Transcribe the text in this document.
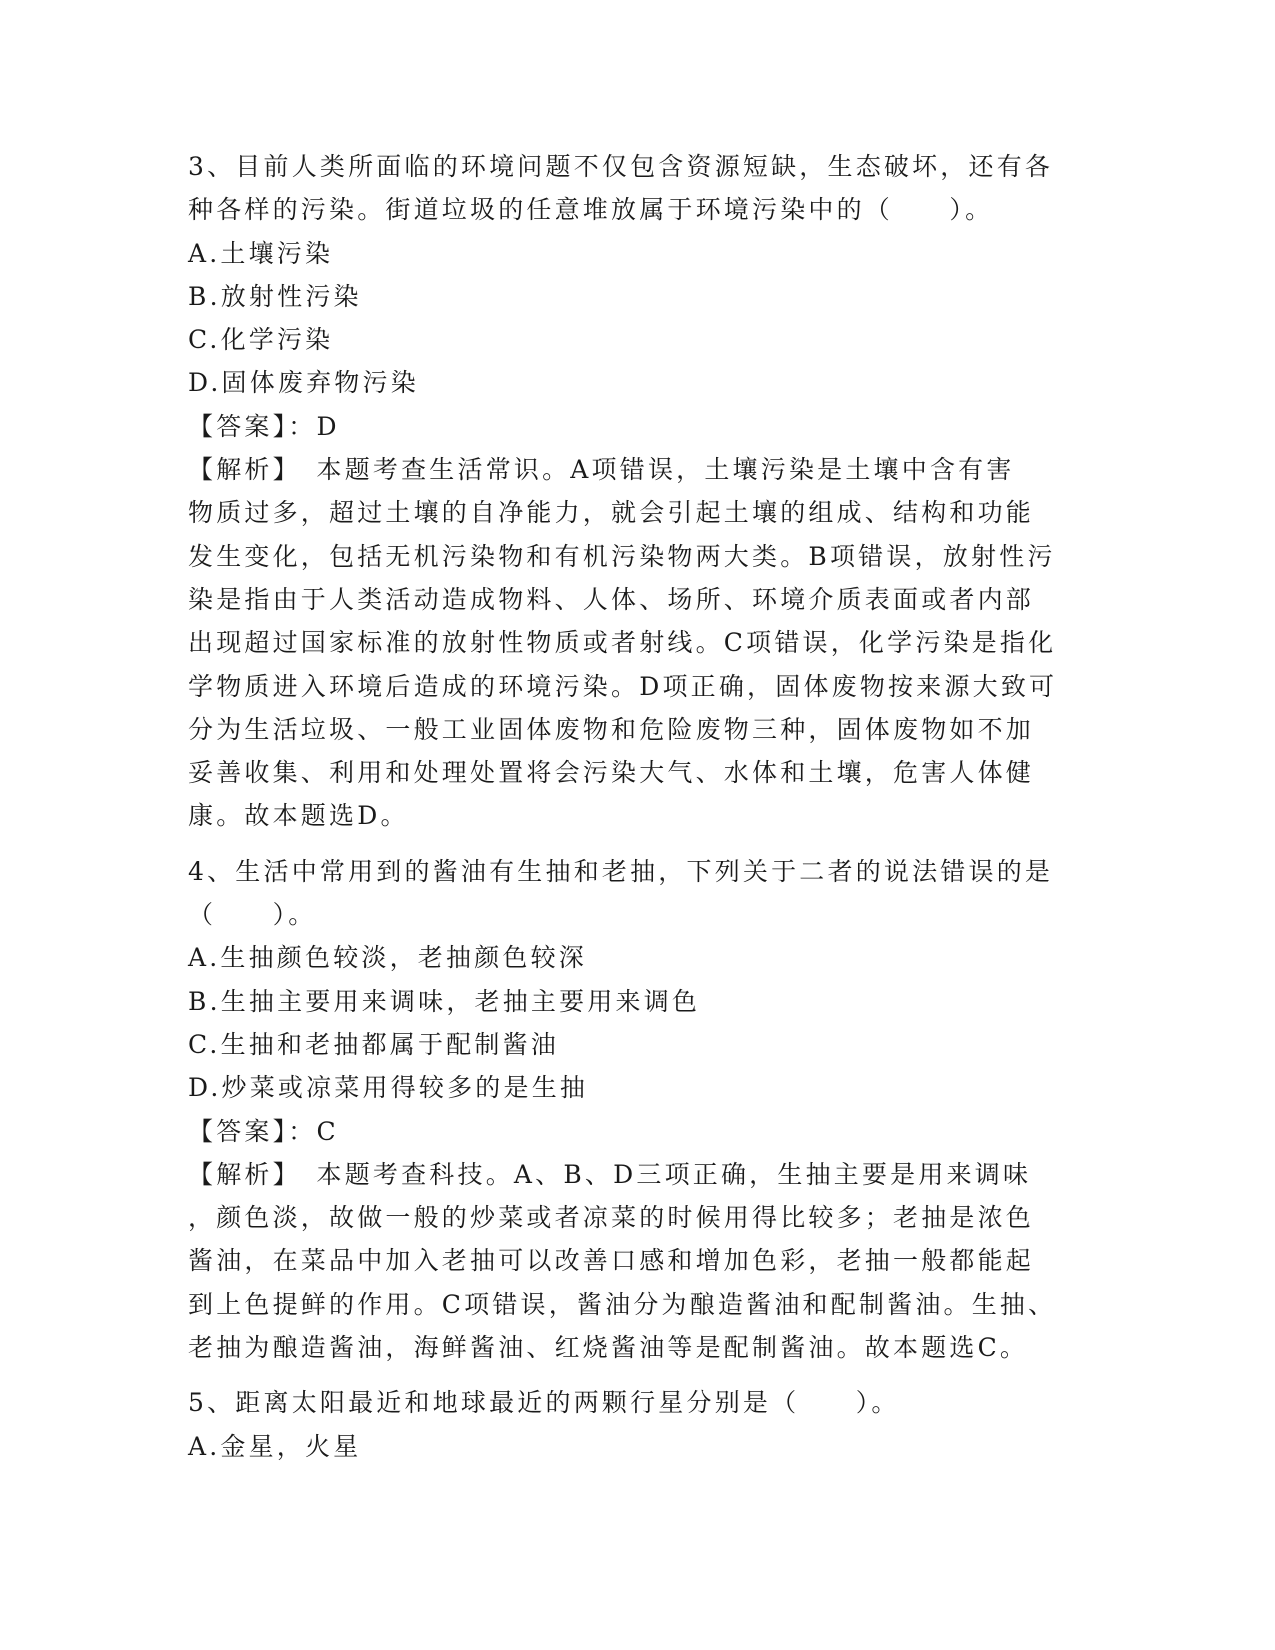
3、目前人类所面临的环境问题不仅包含资源短缺，生态破坏，还有各
种各样的污染。街道垃圾的任意堆放属于环境污染中的（　　）。
A.土壤污染
B.放射性污染
C.化学污染
D.固体废弃物污染
【答案】：D
【解析】　本题考查生活常识。A项错误，土壤污染是土壤中含有害
物质过多，超过土壤的自净能力，就会引起土壤的组成、结构和功能
发生变化，包括无机污染物和有机污染物两大类。B项错误，放射性污
染是指由于人类活动造成物料、人体、场所、环境介质表面或者内部
出现超过国家标准的放射性物质或者射线。C项错误，化学污染是指化
学物质进入环境后造成的环境污染。D项正确，固体废物按来源大致可
分为生活垃圾、一般工业固体废物和危险废物三种，固体废物如不加
妥善收集、利用和处理处置将会污染大气、水体和土壤，危害人体健
康。故本题选D。
4、生活中常用到的酱油有生抽和老抽，下列关于二者的说法错误的是
（　　）。
A.生抽颜色较淡，老抽颜色较深
B.生抽主要用来调味，老抽主要用来调色
C.生抽和老抽都属于配制酱油
D.炒菜或凉菜用得较多的是生抽
【答案】：C
【解析】　本题考查科技。A、B、D三项正确，生抽主要是用来调味
，颜色淡，故做一般的炒菜或者凉菜的时候用得比较多；老抽是浓色
酱油，在菜品中加入老抽可以改善口感和增加色彩，老抽一般都能起
到上色提鲜的作用。C项错误，酱油分为酿造酱油和配制酱油。生抽、
老抽为酿造酱油，海鲜酱油、红烧酱油等是配制酱油。故本题选C。
5、距离太阳最近和地球最近的两颗行星分别是（　　）。
A.金星，火星
